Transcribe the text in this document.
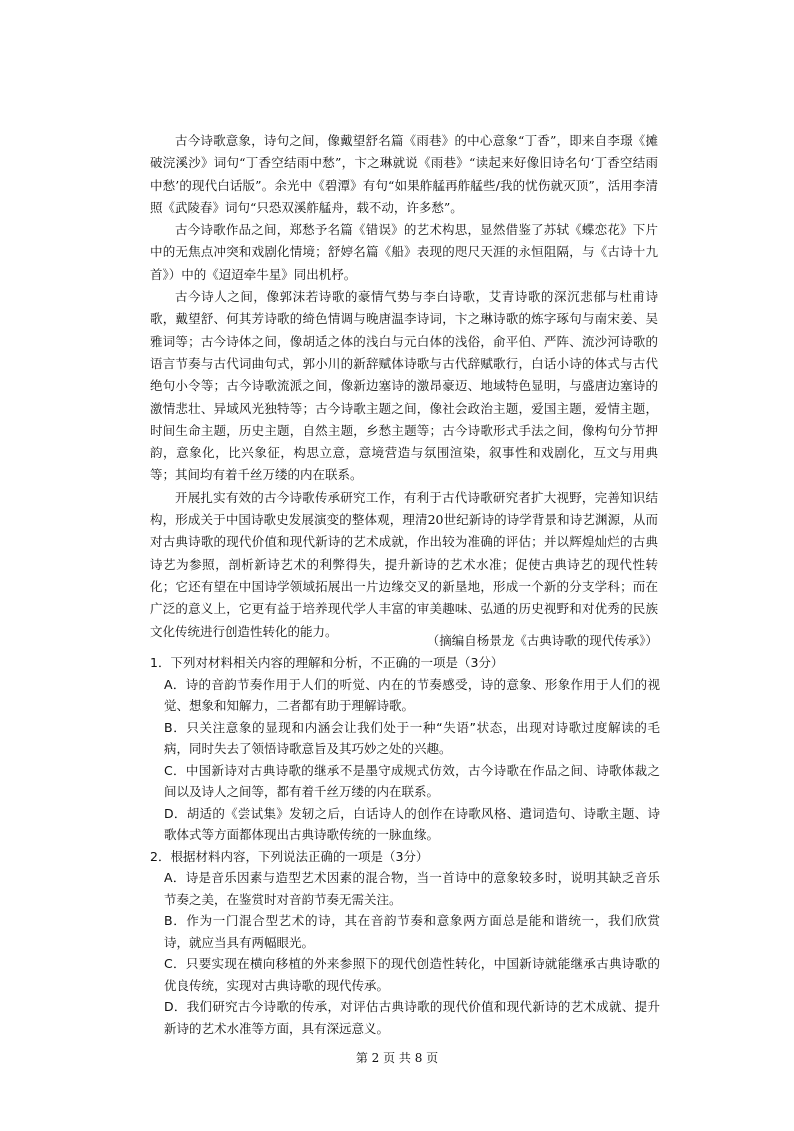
古今诗歌意象，诗句之间，像戴望舒名篇《雨巷》的中心意象“丁香”，即来自李璟《摊破浣溪沙》词句“丁香空结雨中愁”，卞之琳就说《雨巷》“读起来好像旧诗名句‘丁香空结雨中愁’的现代白话版”。余光中《碧潭》有句“如果舴艋再舴艋些/我的忧伤就灭顶”，活用李清照《武陵春》词句“只恐双溪舴艋舟，载不动，许多愁”。

古今诗歌作品之间，郑愁予名篇《错误》的艺术构思，显然借鉴了苏轼《蝶恋花》下片中的无焦点冲突和戏剧化情境；舒婷名篇《船》表现的咫尺天涯的永恒阻隔，与《古诗十九首》）中的《迢迢牵牛星》同出机杼。

古今诗人之间，像郭沫若诗歌的豪情气势与李白诗歌，艾青诗歌的深沉悲郁与杜甫诗歌，戴望舒、何其芳诗歌的绮色情调与晚唐温李诗词，卞之琳诗歌的炼字琢句与南宋姜、吴雅词等；古今诗体之间，像胡适之体的浅白与元白体的浅俗，俞平伯、严阵、流沙河诗歌的语言节奏与古代词曲句式，郭小川的新辞赋体诗歌与古代辞赋歌行，白话小诗的体式与古代绝句小令等；古今诗歌流派之间，像新边塞诗的激昂豪迈、地域特色显明，与盛唐边塞诗的激情悲壮、异域风光独特等；古今诗歌主题之间，像社会政治主题，爱国主题，爱情主题，时间生命主题，历史主题，自然主题，乡愁主题等；古今诗歌形式手法之间，像构句分节押韵，意象化，比兴象征，构思立意，意境营造与氛围渲染，叙事性和戏剧化，互文与用典等；其间均有着千丝万缕的内在联系。

开展扎实有效的古今诗歌传承研究工作，有利于古代诗歌研究者扩大视野，完善知识结构，形成关于中国诗歌史发展演变的整体观，理清20世纪新诗的诗学背景和诗艺渊源，从而对古典诗歌的现代价值和现代新诗的艺术成就，作出较为准确的评估；并以辉煌灿烂的古典诗艺为参照，剖析新诗艺术的利弊得失，提升新诗的艺术水准；促使古典诗艺的现代性转化；它还有望在中国诗学领域拓展出一片边缘交叉的新垦地，形成一个新的分支学科；而在广泛的意义上，它更有益于培养现代学人丰富的审美趣味、弘通的历史视野和对优秀的民族文化传统进行创造性转化的能力。

（摘编自杨景龙《古典诗歌的现代传承》）

1．下列对材料相关内容的理解和分析，不正确的一项是（3分）

A．诗的音韵节奏作用于人们的听觉、内在的节奏感受，诗的意象、形象作用于人们的视觉、想象和知解力，二者都有助于理解诗歌。

B．只关注意象的显现和内涵会让我们处于一种“失语”状态，出现对诗歌过度解读的毛病，同时失去了领悟诗歌意旨及其巧妙之处的兴趣。

C．中国新诗对古典诗歌的继承不是墨守成规式仿效，古今诗歌在作品之间、诗歌体裁之间以及诗人之间等，都有着千丝万缕的内在联系。

D．胡适的《尝试集》发轫之后，白话诗人的创作在诗歌风格、遣词造句、诗歌主题、诗歌体式等方面都体现出古典诗歌传统的一脉血缘。

2．根据材料内容，下列说法正确的一项是（3分）

A．诗是音乐因素与造型艺术因素的混合物，当一首诗中的意象较多时，说明其缺乏音乐节奏之美，在鉴赏时对音韵节奏无需关注。

B．作为一门混合型艺术的诗，其在音韵节奏和意象两方面总是能和谐统一，我们欣赏诗，就应当具有两幅眼光。

C．只要实现在横向移植的外来参照下的现代创造性转化，中国新诗就能继承古典诗歌的优良传统，实现对古典诗歌的现代传承。

D．我们研究古今诗歌的传承，对评估古典诗歌的现代价值和现代新诗的艺术成就、提升新诗的艺术水准等方面，具有深远意义。

第 2 页 共 8 页
